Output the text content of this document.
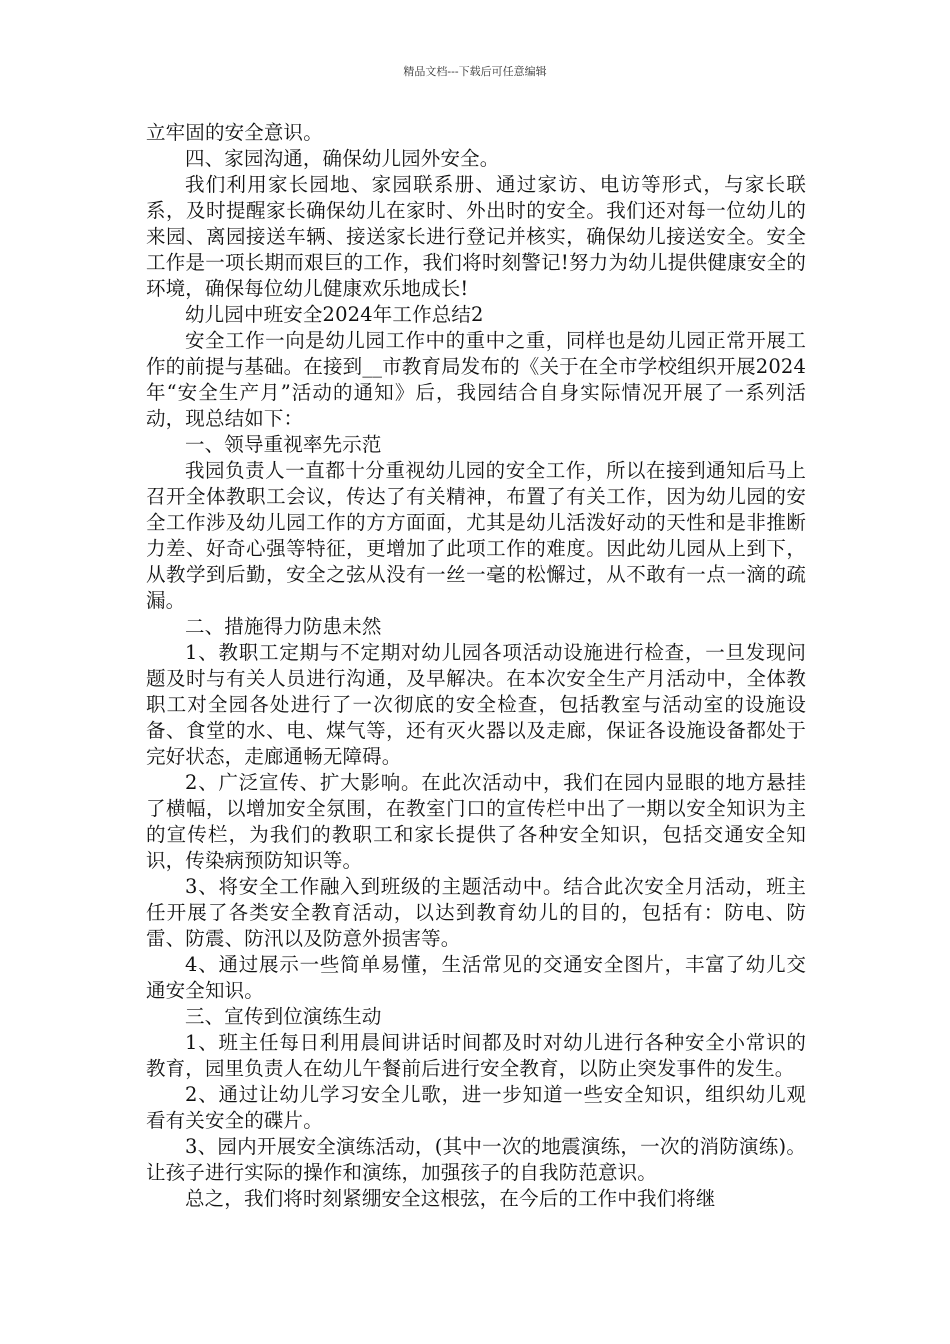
精品文档---下载后可任意编辑

立牢固的安全意识。

四、家园沟通，确保幼儿园外安全。

我们利用家长园地、家园联系册、通过家访、电访等形式，与家长联系，及时提醒家长确保幼儿在家时、外出时的安全。我们还对每一位幼儿的来园、离园接送车辆、接送家长进行登记并核实，确保幼儿接送安全。安全工作是一项长期而艰巨的工作，我们将时刻警记!努力为幼儿提供健康安全的环境，确保每位幼儿健康欢乐地成长!

幼儿园中班安全2024年工作总结2

安全工作一向是幼儿园工作中的重中之重，同样也是幼儿园正常开展工作的前提与基础。在接到__市教育局发布的《关于在全市学校组织开展2024年“安全生产月”活动的通知》后，我园结合自身实际情况开展了一系列活动，现总结如下：

一、领导重视率先示范

我园负责人一直都十分重视幼儿园的安全工作，所以在接到通知后马上召开全体教职工会议，传达了有关精神，布置了有关工作，因为幼儿园的安全工作涉及幼儿园工作的方方面面，尤其是幼儿活泼好动的天性和是非推断力差、好奇心强等特征，更增加了此项工作的难度。因此幼儿园从上到下，从教学到后勤，安全之弦从没有一丝一毫的松懈过，从不敢有一点一滴的疏漏。

二、措施得力防患未然

1、教职工定期与不定期对幼儿园各项活动设施进行检查，一旦发现问题及时与有关人员进行沟通，及早解决。在本次安全生产月活动中，全体教职工对全园各处进行了一次彻底的安全检查，包括教室与活动室的设施设备、食堂的水、电、煤气等，还有灭火器以及走廊，保证各设施设备都处于完好状态，走廊通畅无障碍。

2、广泛宣传、扩大影响。在此次活动中，我们在园内显眼的地方悬挂了横幅，以增加安全氛围，在教室门口的宣传栏中出了一期以安全知识为主的宣传栏，为我们的教职工和家长提供了各种安全知识，包括交通安全知识，传染病预防知识等。

3、将安全工作融入到班级的主题活动中。结合此次安全月活动，班主任开展了各类安全教育活动，以达到教育幼儿的目的，包括有：防电、防雷、防震、防汛以及防意外损害等。

4、通过展示一些简单易懂，生活常见的交通安全图片，丰富了幼儿交通安全知识。

三、宣传到位演练生动

1、班主任每日利用晨间讲话时间都及时对幼儿进行各种安全小常识的教育，园里负责人在幼儿午餐前后进行安全教育，以防止突发事件的发生。

2、通过让幼儿学习安全儿歌，进一步知道一些安全知识，组织幼儿观看有关安全的碟片。

3、园内开展安全演练活动，(其中一次的地震演练，一次的消防演练)。让孩子进行实际的操作和演练，加强孩子的自我防范意识。

总之，我们将时刻紧绷安全这根弦，在今后的工作中我们将继
